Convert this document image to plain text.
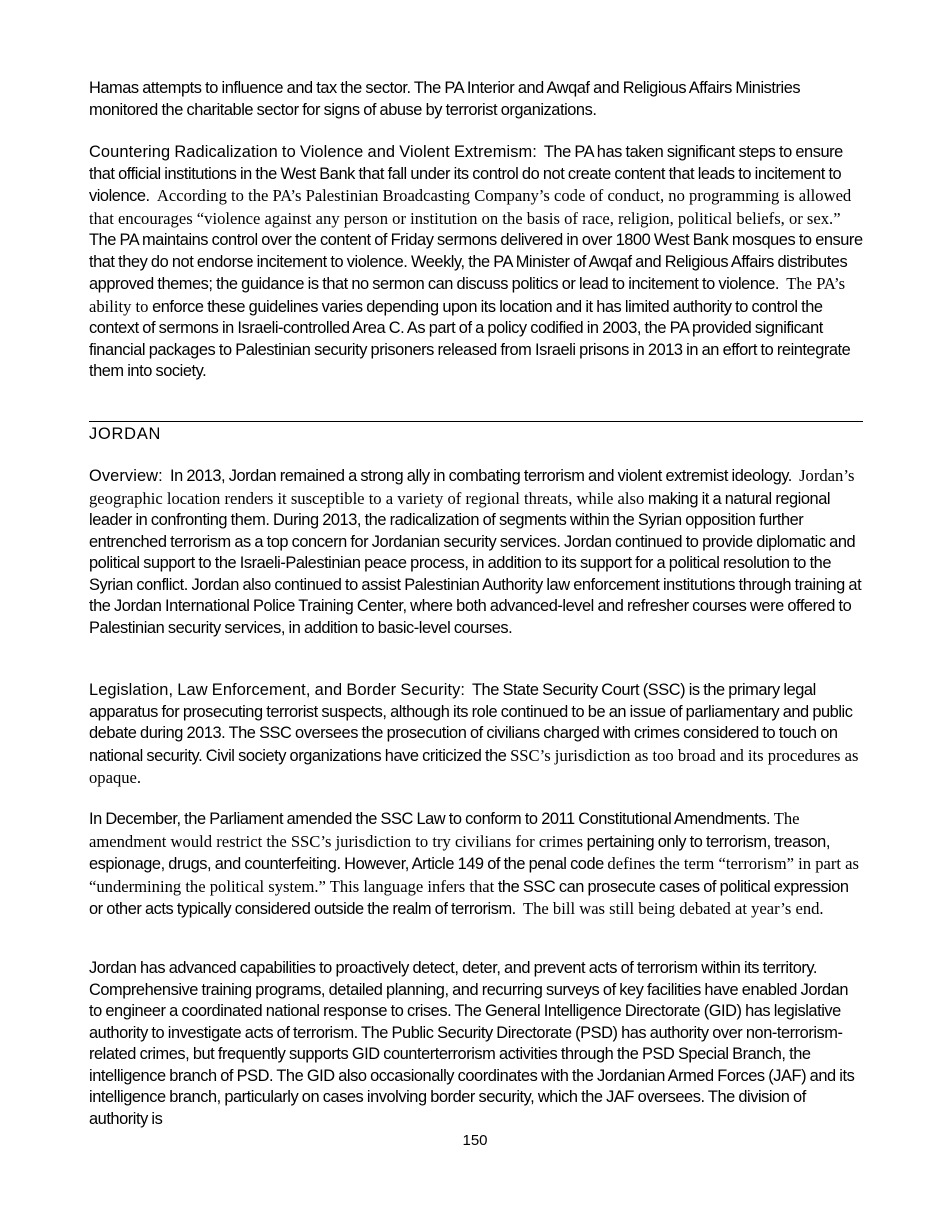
Hamas attempts to influence and tax the sector. The PA Interior and Awqaf and Religious Affairs Ministries monitored the charitable sector for signs of abuse by terrorist organizations.

Countering Radicalization to Violence and Violent Extremism: The PA has taken significant steps to ensure that official institutions in the West Bank that fall under its control do not create content that leads to incitement to violence. According to the PA’s Palestinian Broadcasting Company’s code of conduct, no programming is allowed that encourages “violence against any person or institution on the basis of race, religion, political beliefs, or sex.” The PA maintains control over the content of Friday sermons delivered in over 1800 West Bank mosques to ensure that they do not endorse incitement to violence. Weekly, the PA Minister of Awqaf and Religious Affairs distributes approved themes; the guidance is that no sermon can discuss politics or lead to incitement to violence. The PA’s ability to enforce these guidelines varies depending upon its location and it has limited authority to control the context of sermons in Israeli-controlled Area C. As part of a policy codified in 2003, the PA provided significant financial packages to Palestinian security prisoners released from Israeli prisons in 2013 in an effort to reintegrate them into society.

JORDAN

Overview: In 2013, Jordan remained a strong ally in combating terrorism and violent extremist ideology. Jordan’s geographic location renders it susceptible to a variety of regional threats, while also making it a natural regional leader in confronting them. During 2013, the radicalization of segments within the Syrian opposition further entrenched terrorism as a top concern for Jordanian security services. Jordan continued to provide diplomatic and political support to the Israeli-Palestinian peace process, in addition to its support for a political resolution to the Syrian conflict. Jordan also continued to assist Palestinian Authority law enforcement institutions through training at the Jordan International Police Training Center, where both advanced-level and refresher courses were offered to Palestinian security services, in addition to basic-level courses.

Legislation, Law Enforcement, and Border Security: The State Security Court (SSC) is the primary legal apparatus for prosecuting terrorist suspects, although its role continued to be an issue of parliamentary and public debate during 2013. The SSC oversees the prosecution of civilians charged with crimes considered to touch on national security. Civil society organizations have criticized the SSC’s jurisdiction as too broad and its procedures as opaque.

In December, the Parliament amended the SSC Law to conform to 2011 Constitutional Amendments. The amendment would restrict the SSC’s jurisdiction to try civilians for crimes pertaining only to terrorism, treason, espionage, drugs, and counterfeiting. However, Article 149 of the penal code defines the term “terrorism” in part as “undermining the political system.” This language infers that the SSC can prosecute cases of political expression or other acts typically considered outside the realm of terrorism. The bill was still being debated at year’s end.

Jordan has advanced capabilities to proactively detect, deter, and prevent acts of terrorism within its territory. Comprehensive training programs, detailed planning, and recurring surveys of key facilities have enabled Jordan to engineer a coordinated national response to crises. The General Intelligence Directorate (GID) has legislative authority to investigate acts of terrorism. The Public Security Directorate (PSD) has authority over non-terrorism-related crimes, but frequently supports GID counterterrorism activities through the PSD Special Branch, the intelligence branch of PSD. The GID also occasionally coordinates with the Jordanian Armed Forces (JAF) and its intelligence branch, particularly on cases involving border security, which the JAF oversees. The division of authority is

150
